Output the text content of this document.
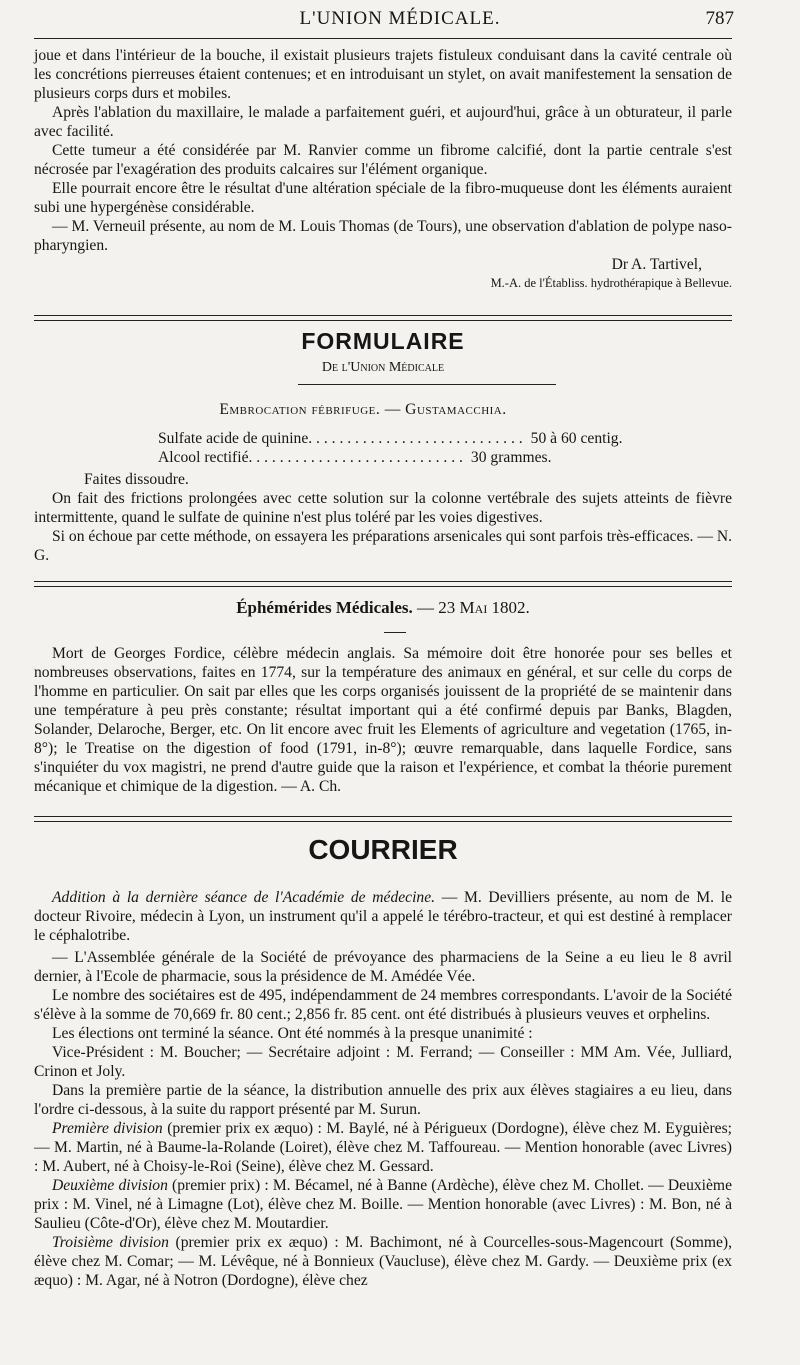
L'UNION MÉDICALE.	787

joue et dans l'intérieur de la bouche, il existait plusieurs trajets fistuleux conduisant dans la cavité centrale où les concrétions pierreuses étaient contenues; et en introduisant un stylet, on avait manifestement la sensation de plusieurs corps durs et mobiles.

Après l'ablation du maxillaire, le malade a parfaitement guéri, et aujourd'hui, grâce à un obturateur, il parle avec facilité.

Cette tumeur a été considérée par M. Ranvier comme un fibrome calcifié, dont la partie centrale s'est nécrosée par l'exagération des produits calcaires sur l'élément organique.

Elle pourrait encore être le résultat d'une altération spéciale de la fibro-muqueuse dont les éléments auraient subi une hypergénèse considérable.

— M. Verneuil présente, au nom de M. Louis Thomas (de Tours), une observation d'ablation de polype naso-pharyngien.

Dr A. Tartivel,

M.-A. de l'Établiss. hydrothérapique à Bellevue.

FORMULAIRE
De l'Union Médicale

Embrocation fébrifuge. — Gustamacchia.

Sulfate acide de quinine . . . . . . . . . . . . . . . . . . . . . . . . . . . . 50 à 60 centig.
Alcool rectifié . . . . . . . . . . . . . . . . . . . . . . . . . . . . 30 grammes.

Faites dissoudre.

On fait des frictions prolongées avec cette solution sur la colonne vertébrale des sujets atteints de fièvre intermittente, quand le sulfate de quinine n'est plus toléré par les voies digestives.

Si on échoue par cette méthode, on essayera les préparations arsenicales qui sont parfois très-efficaces. — N. G.

Éphémérides Médicales. — 23 Mai 1802.
Mort de Georges Fordice, célèbre médecin anglais. Sa mémoire doit être honorée pour ses belles et nombreuses observations, faites en 1774, sur la température des animaux en général, et sur celle du corps de l'homme en particulier. On sait par elles que les corps organisés jouissent de la propriété de se maintenir dans une température à peu près constante; résultat important qui a été confirmé depuis par Banks, Blagden, Solander, Delaroche, Berger, etc. On lit encore avec fruit les Elements of agriculture and vegetation (1765, in-8°); le Treatise on the digestion of food (1791, in-8°); œuvre remarquable, dans laquelle Fordice, sans s'inquiéter du vox magistri, ne prend d'autre guide que la raison et l'expérience, et combat la théorie purement mécanique et chimique de la digestion. — A. Ch.
COURRIER

Addition à la dernière séance de l'Académie de médecine. — M. Devilliers présente, au nom de M. le docteur Rivoire, médecin à Lyon, un instrument qu'il a appelé le térébro-tracteur, et qui est destiné à remplacer le céphalotribe.

— L'Assemblée générale de la Société de prévoyance des pharmaciens de la Seine a eu lieu le 8 avril dernier, à l'Ecole de pharmacie, sous la présidence de M. Amédée Vée.

Le nombre des sociétaires est de 495, indépendamment de 24 membres correspondants. L'avoir de la Société s'élève à la somme de 70,669 fr. 80 cent.; 2,856 fr. 85 cent. ont été distribués à plusieurs veuves et orphelins.

Les élections ont terminé la séance. Ont été nommés à la presque unanimité :

Vice-Président : M. Boucher; — Secrétaire adjoint : M. Ferrand; — Conseiller : MM Am. Vée, Julliard, Crinon et Joly.

Dans la première partie de la séance, la distribution annuelle des prix aux élèves stagiaires a eu lieu, dans l'ordre ci-dessous, à la suite du rapport présenté par M. Surun.

Première division (premier prix ex æquo) : M. Baylé, né à Périgueux (Dordogne), élève chez M. Eyguières; — M. Martin, né à Baume-la-Rolande (Loiret), élève chez M. Taffoureau. — Mention honorable (avec Livres) : M. Aubert, né à Choisy-le-Roi (Seine), élève chez M. Gessard.

Deuxième division (premier prix) : M. Bécamel, né à Banne (Ardèche), élève chez M. Chollet. — Deuxième prix : M. Vinel, né à Limagne (Lot), élève chez M. Boille. — Mention honorable (avec Livres) : M. Bon, né à Saulieu (Côte-d'Or), élève chez M. Moutardier.

Troisième division (premier prix ex æquo) : M. Bachimont, né à Courcelles-sous-Magencourt (Somme), élève chez M. Comar; — M. Lévêque, né à Bonnieux (Vaucluse), élève chez M. Gardy. — Deuxième prix (ex æquo) : M. Agar, né à Notron (Dordogne), élève chez
